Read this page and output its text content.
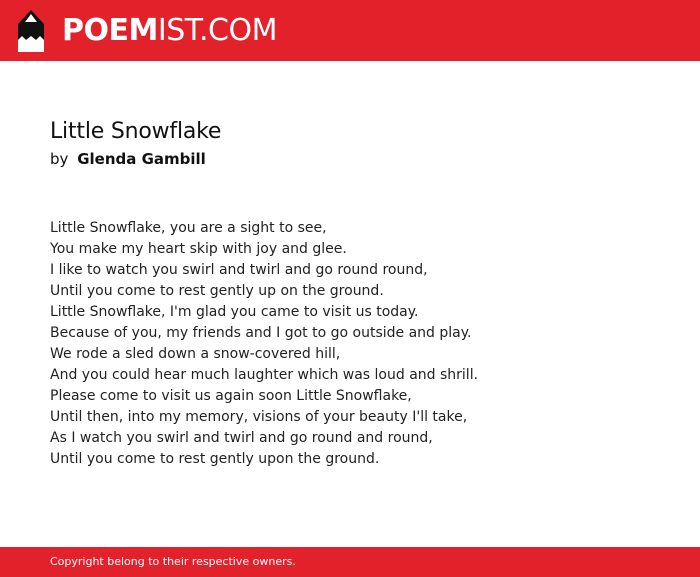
POEMIST.COM
Little Snowflake
by Glenda Gambill
Little Snowflake, you are a sight to see,
You make my heart skip with joy and glee.
I like to watch you swirl and twirl and go round round,
Until you come to rest gently up on the ground.
Little Snowflake, I'm glad you came to visit us today.
Because of you, my friends and I got to go outside and play.
We rode a sled down a snow-covered hill,
And you could hear much laughter which was loud and shrill.
Please come to visit us again soon Little Snowflake,
Until then, into my memory, visions of your beauty I'll take,
As I watch you swirl and twirl and go round and round,
Until you come to rest gently upon the ground.
Copyright belong to their respective owners.
